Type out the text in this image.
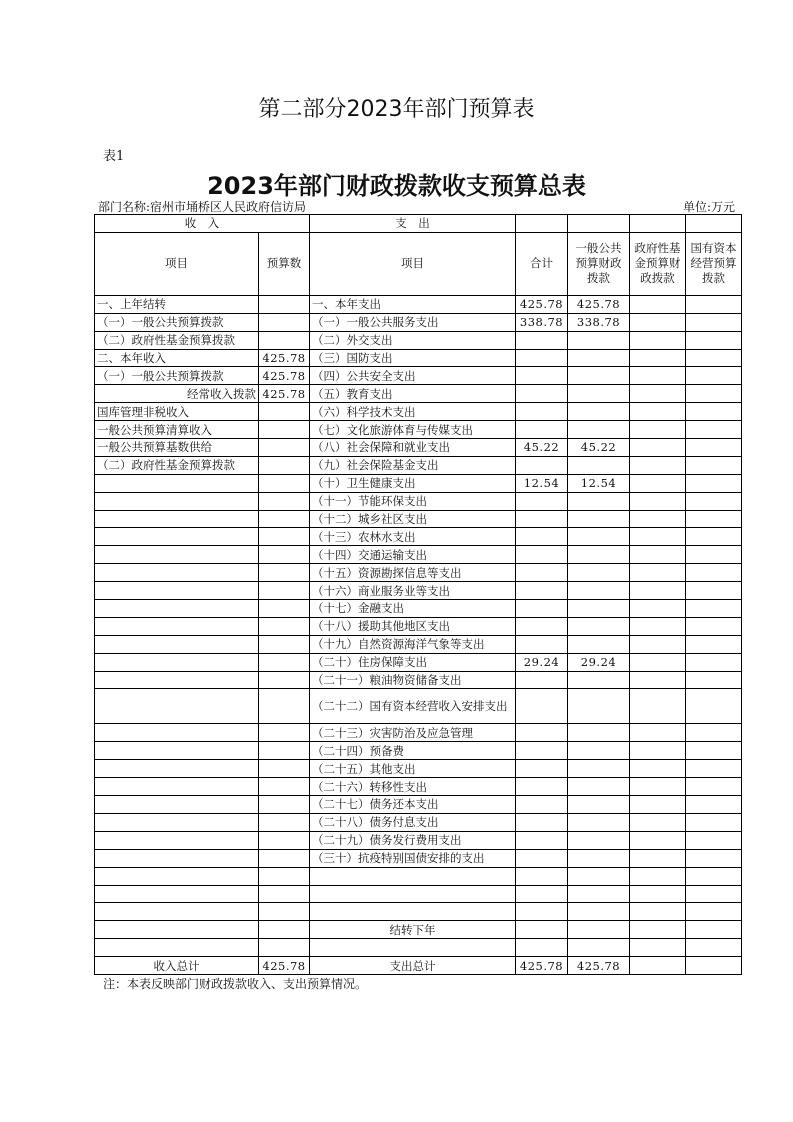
第二部分2023年部门预算表
表1
2023年部门财政拨款收支预算总表
部门名称:宿州市埇桥区人民政府信访局	单位:万元
收　入		支　出				
项目	预算数	项目	合计	一般公共预算财政拨款	政府性基金预算财政拨款	国有资本经营预算拨款
一、上年结转		一、本年支出	425.78	425.78		
（一）一般公共预算拨款		（一）一般公共服务支出	338.78	338.78		
（二）政府性基金预算拨款		（二）外交支出				
二、本年收入	425.78	（三）国防支出				
（一）一般公共预算拨款	425.78	（四）公共安全支出				
经常收入拨款	425.78	（五）教育支出				
国库管理非税收入		（六）科学技术支出				
一般公共预算清算收入		（七）文化旅游体育与传媒支出				
一般公共预算基数供给		（八）社会保障和就业支出	45.22	45.22		
（二）政府性基金预算拨款		（九）社会保险基金支出				
		（十）卫生健康支出	12.54	12.54		
		（十一）节能环保支出				
		（十二）城乡社区支出				
		（十三）农林水支出				
		（十四）交通运输支出				
		（十五）资源勘探信息等支出				
		（十六）商业服务业等支出				
		（十七）金融支出				
		（十八）援助其他地区支出				
		（十九）自然资源海洋气象等支出				
		（二十）住房保障支出	29.24	29.24		
		（二十一）粮油物资储备支出				
		（二十二）国有资本经营收入安排支出				
		（二十三）灾害防治及应急管理				
		（二十四）预备费				
		（二十五）其他支出				
		（二十六）转移性支出				
		（二十七）债务还本支出				
		（二十八）债务付息支出				
		（二十九）债务发行费用支出				
		（三十）抗疫特别国债安排的支出				

		结转下年				

收入总计	425.78	支出总计	425.78	425.78		
注：本表反映部门财政拨款收入、支出预算情况。
